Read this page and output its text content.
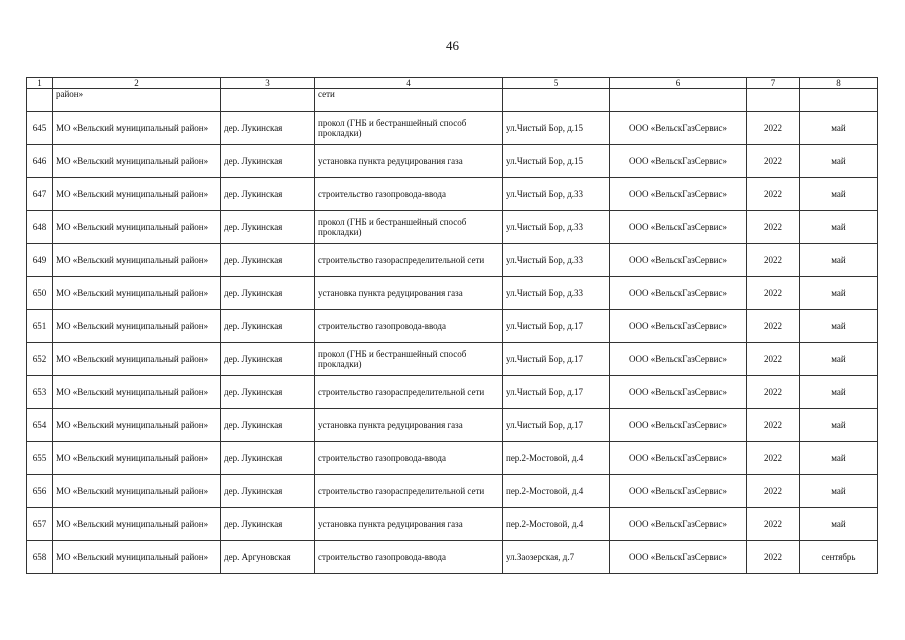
46
1	2	3	4	5	6	7	8
	район»		сети				
645	МО «Вельский муниципальный район»	дер. Лукинская	прокол (ГНБ и бестраншейный способ прокладки)	ул.Чистый Бор, д.15	ООО «ВельскГазСервис»	2022	май
646	МО «Вельский муниципальный район»	дер. Лукинская	установка пункта редуцирования газа	ул.Чистый Бор, д.15	ООО «ВельскГазСервис»	2022	май
647	МО «Вельский муниципальный район»	дер. Лукинская	строительство газопровода-ввода	ул.Чистый Бор, д.33	ООО «ВельскГазСервис»	2022	май
648	МО «Вельский муниципальный район»	дер. Лукинская	прокол (ГНБ и бестраншейный способ прокладки)	ул.Чистый Бор, д.33	ООО «ВельскГазСервис»	2022	май
649	МО «Вельский муниципальный район»	дер. Лукинская	строительство газораспределительной сети	ул.Чистый Бор, д.33	ООО «ВельскГазСервис»	2022	май
650	МО «Вельский муниципальный район»	дер. Лукинская	установка пункта редуцирования газа	ул.Чистый Бор, д.33	ООО «ВельскГазСервис»	2022	май
651	МО «Вельский муниципальный район»	дер. Лукинская	строительство газопровода-ввода	ул.Чистый Бор, д.17	ООО «ВельскГазСервис»	2022	май
652	МО «Вельский муниципальный район»	дер. Лукинская	прокол (ГНБ и бестраншейный способ прокладки)	ул.Чистый Бор, д.17	ООО «ВельскГазСервис»	2022	май
653	МО «Вельский муниципальный район»	дер. Лукинская	строительство газораспределительной сети	ул.Чистый Бор, д.17	ООО «ВельскГазСервис»	2022	май
654	МО «Вельский муниципальный район»	дер. Лукинская	установка пункта редуцирования газа	ул.Чистый Бор, д.17	ООО «ВельскГазСервис»	2022	май
655	МО «Вельский муниципальный район»	дер. Лукинская	строительство газопровода-ввода	пер.2-Мостовой, д.4	ООО «ВельскГазСервис»	2022	май
656	МО «Вельский муниципальный район»	дер. Лукинская	строительство газораспределительной сети	пер.2-Мостовой, д.4	ООО «ВельскГазСервис»	2022	май
657	МО «Вельский муниципальный район»	дер. Лукинская	установка пункта редуцирования газа	пер.2-Мостовой, д.4	ООО «ВельскГазСервис»	2022	май
658	МО «Вельский муниципальный район»	дер. Аргуновская	строительство газопровода-ввода	ул.Заозерская, д.7	ООО «ВельскГазСервис»	2022	сентябрь
